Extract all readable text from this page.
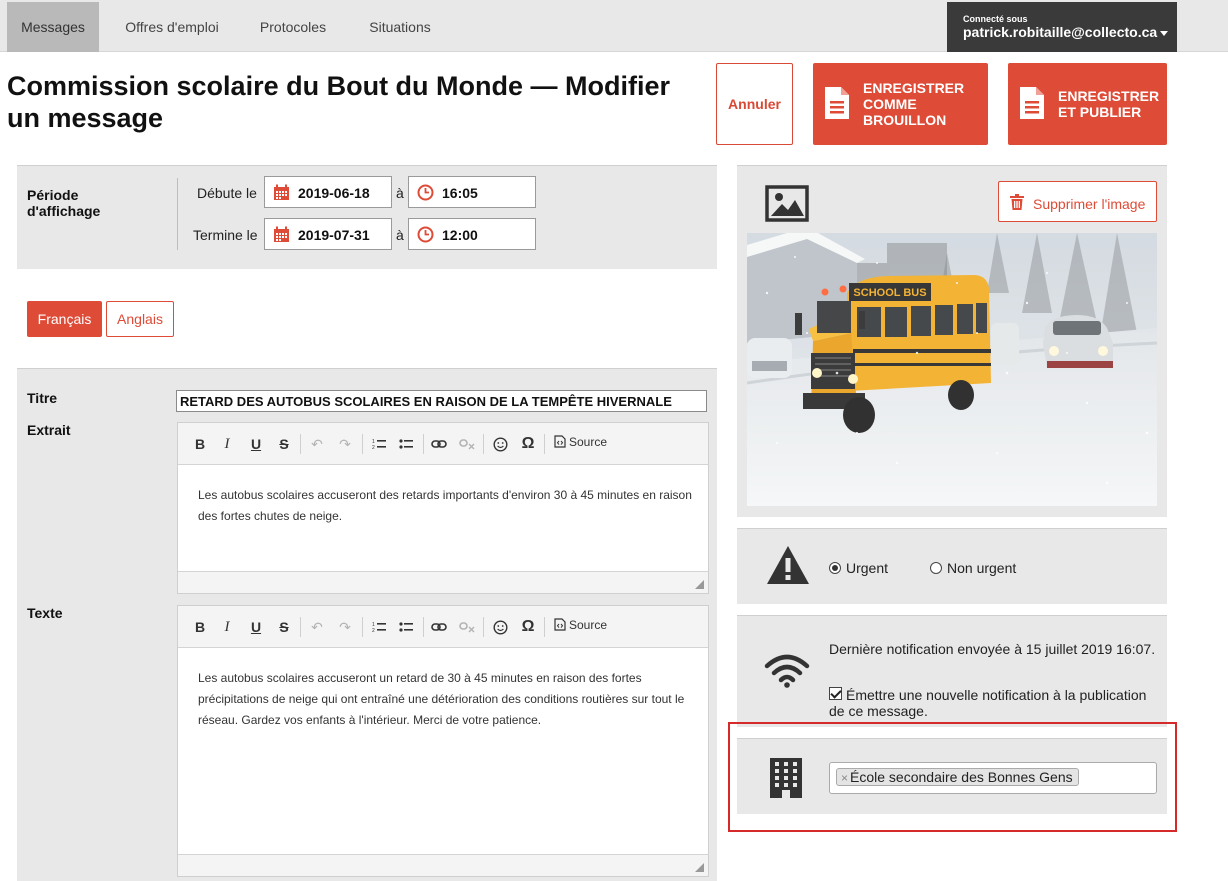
Messages	Offres d'emploi	Protocoles	Situations	Connecté sous
patrick.robitaille@collecto.ca
Commission scolaire du Bout du Monde — Modifier un message	Annuler
ENREGISTRER
COMME
BROUILLON
ENREGISTRER
ET PUBLIER
Période d'affichage
Débute le	2019-06-18 à	16:05
Termine le	2019-07-31 à	12:00
Français	Anglais
Titre
RETARD DES AUTOBUS SCOLAIRES EN RAISON DE LA TEMPÊTE HIVERNALE
Extrait
B	I	U	S	↶ ↷	1
2	Ω	Source
Les autobus scolaires accuseront des retards importants d'environ 30 à 45 minutes en raison des fortes chutes de neige.
Texte
B	I	U	S	↶ ↷	1
2	Ω	Source
Les autobus scolaires accuseront un retard de 30 à 45 minutes en raison des fortes précipitations de neige qui ont entraîné une détérioration des conditions routières sur tout le réseau. Gardez vos enfants à l'intérieur. Merci de votre patience.
Supprimer l'image
SCHOOL BUS
Urgent	Non urgent
Dernière notification envoyée à 15 juillet 2019 16:07.
Émettre une nouvelle notification à la publication de ce message.
× École secondaire des Bonnes Gens
